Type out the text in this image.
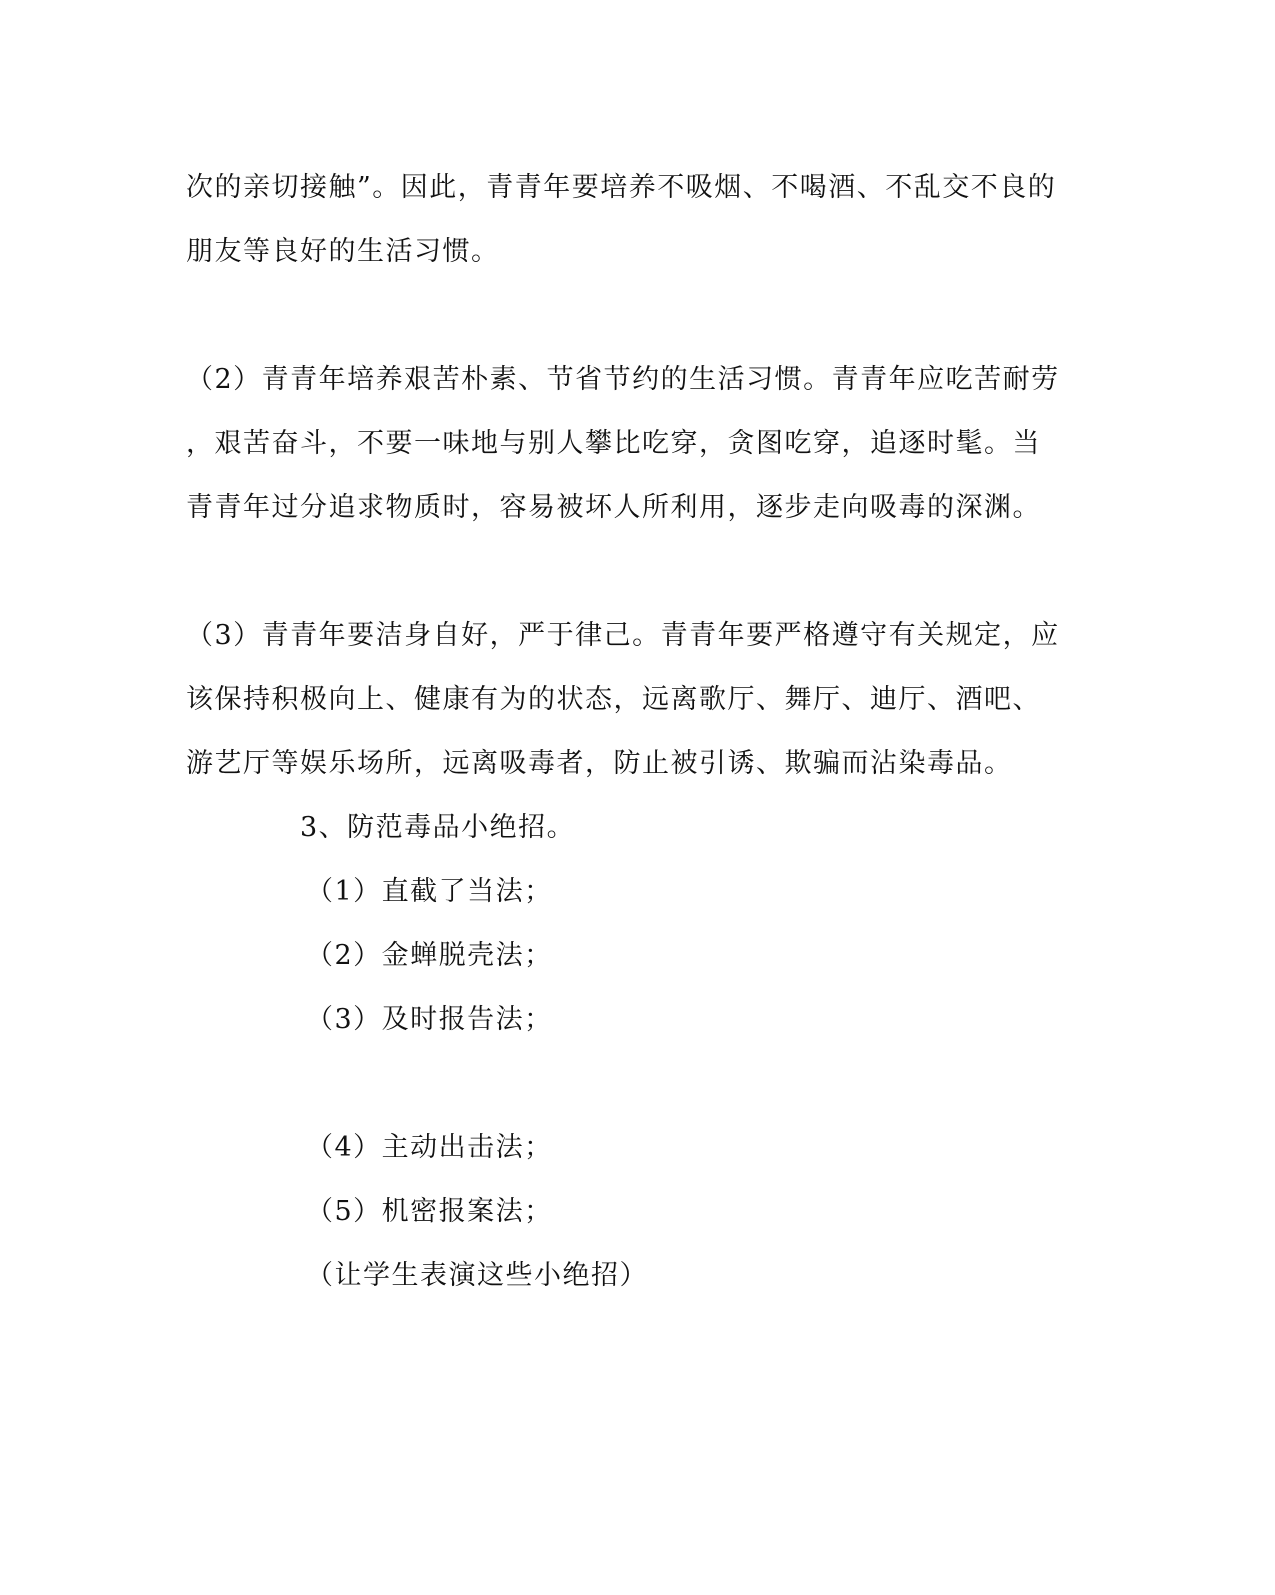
次的亲切接触”。因此，青青年要培养不吸烟、不喝酒、不乱交不良的
朋友等良好的生活习惯。
（2）青青年培养艰苦朴素、节省节约的生活习惯。青青年应吃苦耐劳
，艰苦奋斗，不要一味地与别人攀比吃穿，贪图吃穿，追逐时髦。当
青青年过分追求物质时，容易被坏人所利用，逐步走向吸毒的深渊。
（3）青青年要洁身自好，严于律己。青青年要严格遵守有关规定，应
该保持积极向上、健康有为的状态，远离歌厅、舞厅、迪厅、酒吧、
游艺厅等娱乐场所，远离吸毒者，防止被引诱、欺骗而沾染毒品。
3、防范毒品小绝招。
（1）直截了当法；
（2）金蝉脱壳法；
（3）及时报告法；
（4）主动出击法；
（5）机密报案法；
（让学生表演这些小绝招）
